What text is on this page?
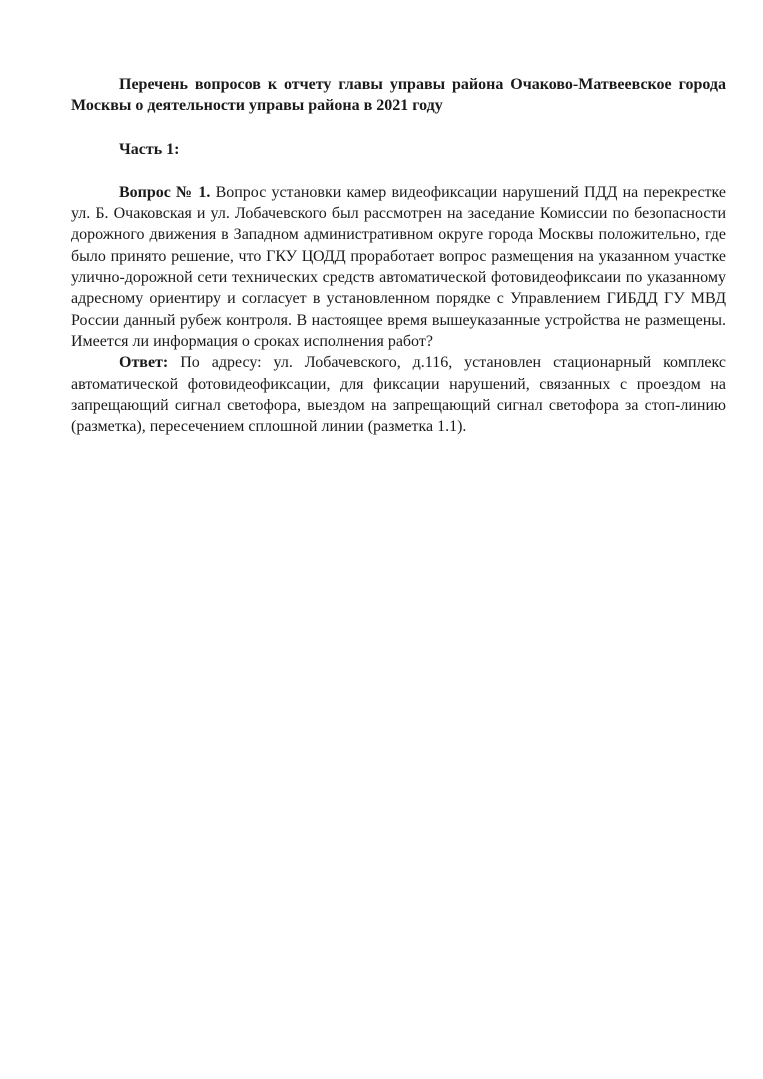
Перечень вопросов к отчету главы управы района Очаково-Матвеевское города Москвы о деятельности управы района в 2021 году

Часть 1:

Вопрос № 1. Вопрос установки камер видеофиксации нарушений ПДД на перекрестке ул. Б. Очаковская и ул. Лобачевского был рассмотрен на заседание Комиссии по безопасности дорожного движения в Западном административном округе города Москвы положительно, где было принято решение, что ГКУ ЦОДД проработает вопрос размещения на указанном участке улично-дорожной сети технических средств автоматической фотовидеофиксаии по указанному адресному ориентиру и согласует в установленном порядке с Управлением ГИБДД ГУ МВД России данный рубеж контроля. В настоящее время вышеуказанные устройства не размещены. Имеется ли информация о сроках исполнения работ?

Ответ: По адресу: ул. Лобачевского, д.116, установлен стационарный комплекс автоматической фотовидеофиксации, для фиксации нарушений, связанных с проездом на запрещающий сигнал светофора, выездом на запрещающий сигнал светофора за стоп-линию (разметка), пересечением сплошной линии (разметка 1.1).
